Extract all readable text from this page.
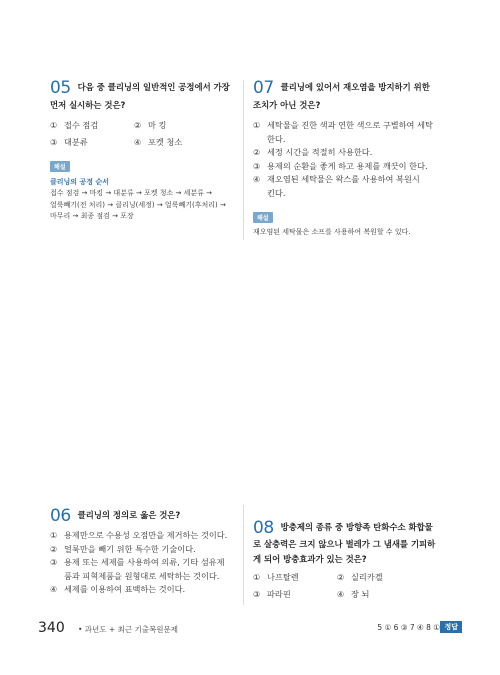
05 다음 중 클리닝의 일반적인 공정에서 가장
먼저 실시하는 것은?
① 접수 점검	② 마 킹
③ 대분류	④ 포켓 청소
해설
클리닝의 공정 순서
접수 점검 → 마킹 → 대분류 → 포켓 청소 → 세분류 →
얼룩빼기(전 처리) → 클리닝(세정) → 얼룩빼기(후처리) →
마무리 → 최종 점검 → 포장
07 클리닝에 있어서 재오염을 방지하기 위한
조치가 아닌 것은?
① 세탁물을 진한 색과 연한 색으로 구별하여 세탁
한다.
② 세정 시간을 적절히 사용한다.
③ 용제의 순환을 좋게 하고 용제를 깨끗이 한다.
④ 재오염된 세탁물은 왁스를 사용하여 복원시
킨다.
해설
재오염된 세탁물은 소프를 사용하여 복원할 수 있다.
06 클리닝의 정의로 옳은 것은?
① 용제만으로 수용성 오점만을 제거하는 것이다.
② 얼룩만을 빼기 위한 특수한 기술이다.
③ 용제 또는 세제를 사용하여 의류, 기타 섬유제
품과 피혁제품을 원형대로 세탁하는 것이다.
④ 세제를 이용하여 표백하는 것이다.
08 방충제의 종류 중 방향족 탄화수소 화합물
로 살충력은 크지 않으나 벌레가 그 냄새를 기피하
게 되어 방충효과가 있는 것은?
① 나프탈렌	② 실리카겔
③ 파라핀	④ 장 뇌
340 • 과년도 + 최근 기출복원문제	5 ① 6 ③ 7 ④ 8 ① 정답
